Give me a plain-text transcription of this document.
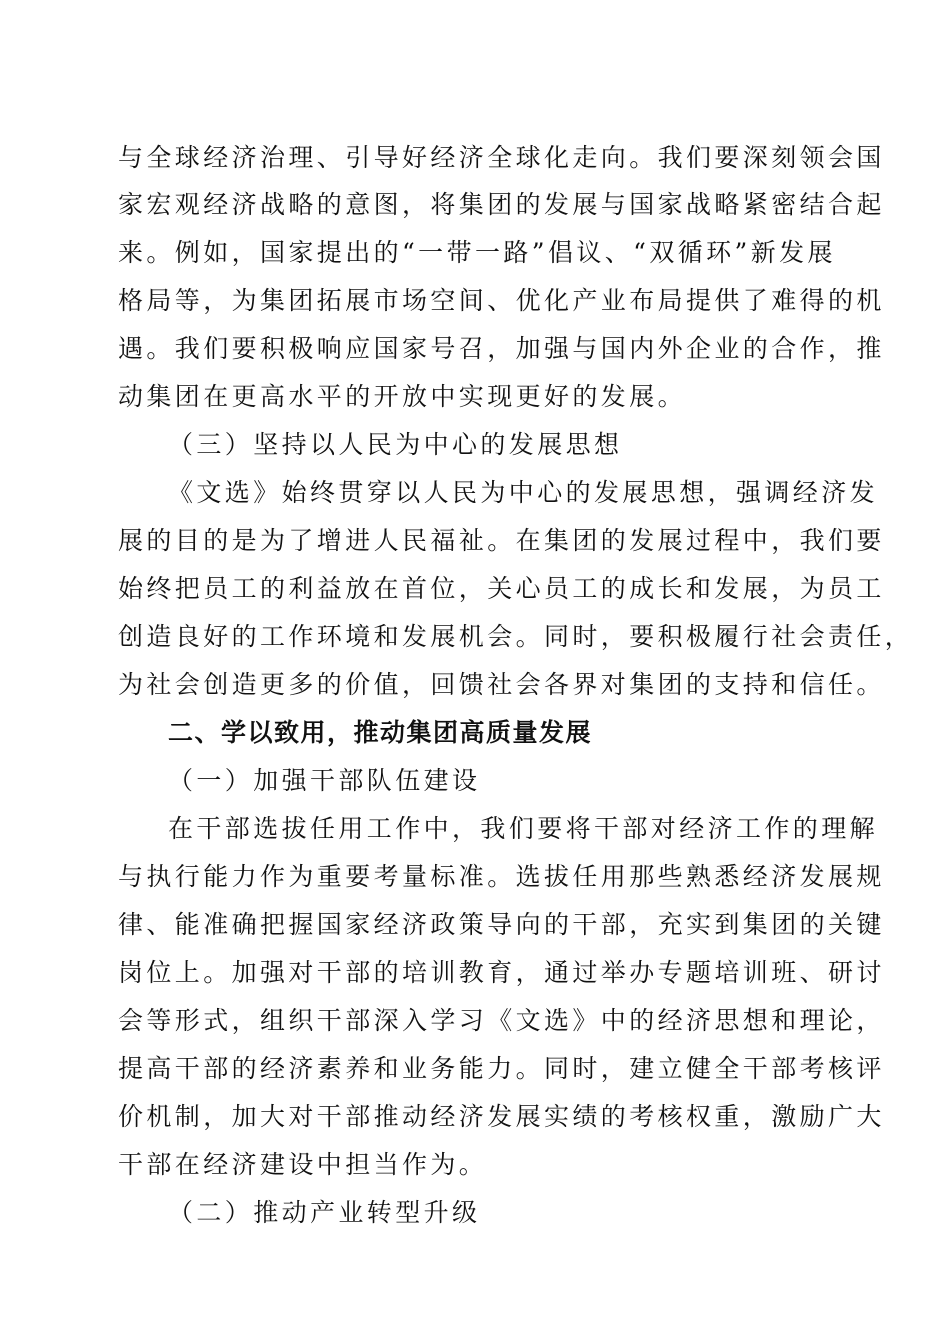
与全球经济治理、引导好经济全球化走向。我们要深刻领会国
家宏观经济战略的意图，将集团的发展与国家战略紧密结合起
来。例如，国家提出的“一带一路”倡议、“双循环”新发展
格局等，为集团拓展市场空间、优化产业布局提供了难得的机
遇。我们要积极响应国家号召，加强与国内外企业的合作，推
动集团在更高水平的开放中实现更好的发展。
（三）坚持以人民为中心的发展思想
《文选》始终贯穿以人民为中心的发展思想，强调经济发
展的目的是为了增进人民福祉。在集团的发展过程中，我们要
始终把员工的利益放在首位，关心员工的成长和发展，为员工
创造良好的工作环境和发展机会。同时，要积极履行社会责任，
为社会创造更多的价值，回馈社会各界对集团的支持和信任。
二、学以致用，推动集团高质量发展
（一）加强干部队伍建设
在干部选拔任用工作中，我们要将干部对经济工作的理解
与执行能力作为重要考量标准。选拔任用那些熟悉经济发展规
律、能准确把握国家经济政策导向的干部，充实到集团的关键
岗位上。加强对干部的培训教育，通过举办专题培训班、研讨
会等形式，组织干部深入学习《文选》中的经济思想和理论，
提高干部的经济素养和业务能力。同时，建立健全干部考核评
价机制，加大对干部推动经济发展实绩的考核权重，激励广大
干部在经济建设中担当作为。
（二）推动产业转型升级
